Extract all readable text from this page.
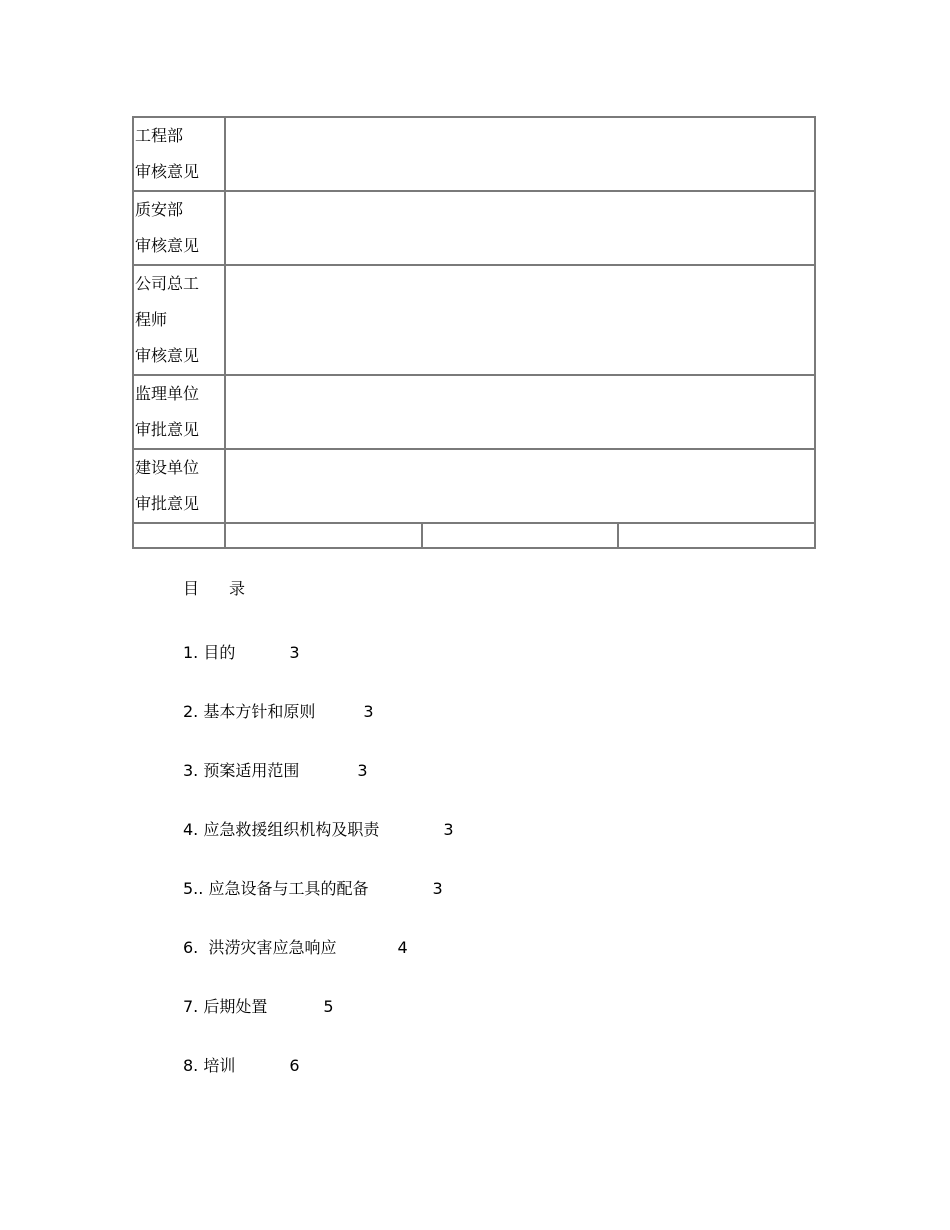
工程部
审核意见			

质安部
审核意见			

公司总工
程师
审核意见			

监理单位
审批意见			

建设单位
审批意见			

目 录
1. 目的	3
2. 基本方针和原则	3
3. 预案适用范围	3
4. 应急救援组织机构及职责	3
5.. 应急设备与工具的配备	3
6.  洪涝灾害应急响应	4
7. 后期处置	5
8. 培训	6
